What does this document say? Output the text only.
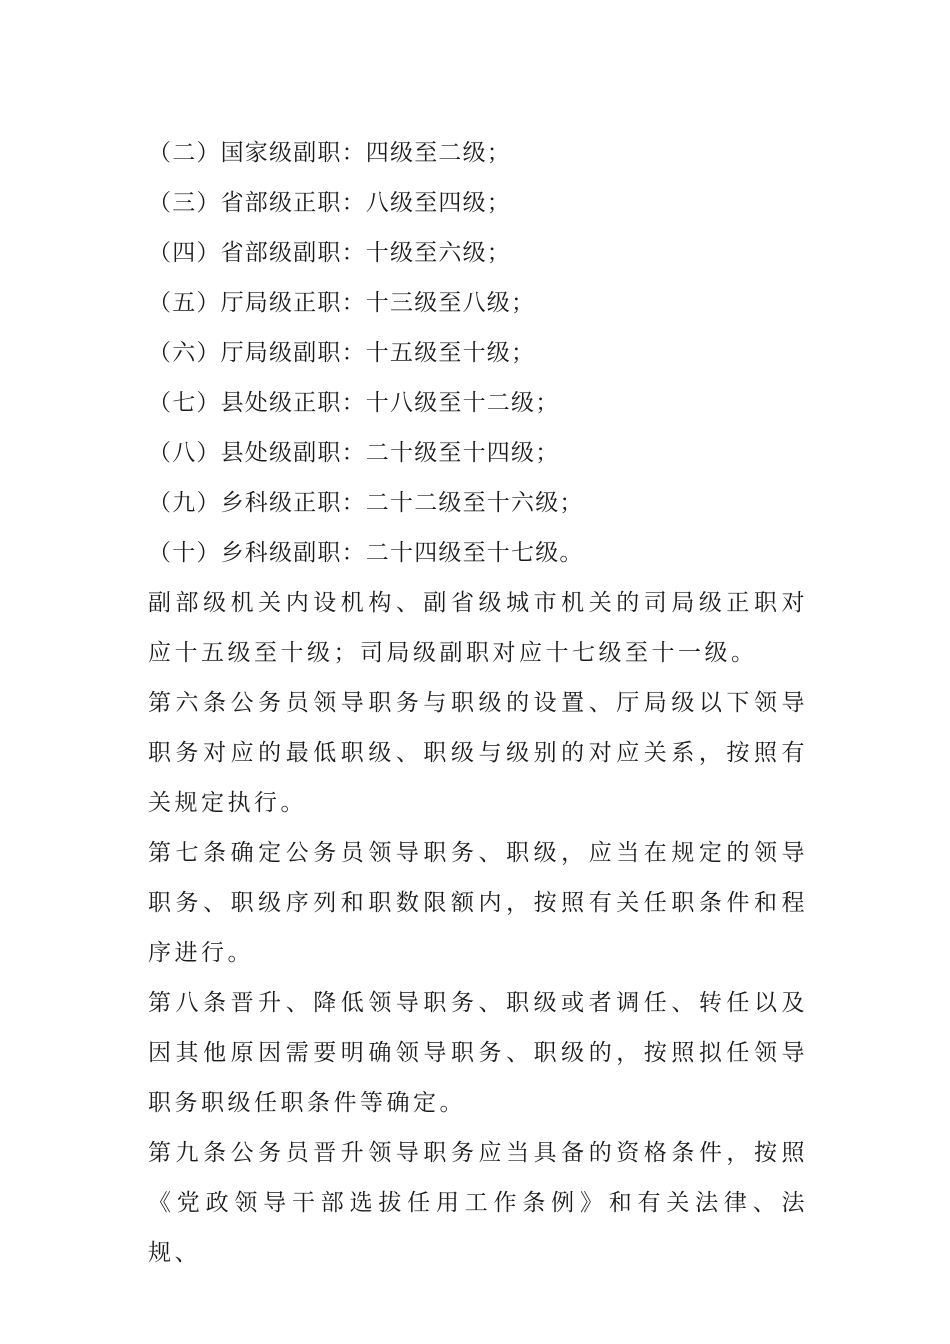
（二）国家级副职：四级至二级；

（三）省部级正职：八级至四级；

（四）省部级副职：十级至六级；

（五）厅局级正职：十三级至八级；

（六）厅局级副职：十五级至十级；

（七）县处级正职：十八级至十二级；

（八）县处级副职：二十级至十四级；

（九）乡科级正职：二十二级至十六级；

（十）乡科级副职：二十四级至十七级。

副部级机关内设机构、副省级城市机关的司局级正职对应十五级至十级；司局级副职对应十七级至十一级。

第六条公务员领导职务与职级的设置、厅局级以下领导职务对应的最低职级、职级与级别的对应关系，按照有关规定执行。

第七条确定公务员领导职务、职级，应当在规定的领导职务、职级序列和职数限额内，按照有关任职条件和程序进行。

第八条晋升、降低领导职务、职级或者调任、转任以及因其他原因需要明确领导职务、职级的，按照拟任领导职务职级任职条件等确定。

第九条公务员晋升领导职务应当具备的资格条件，按照《党政领导干部选拔任用工作条例》和有关法律、法规、
